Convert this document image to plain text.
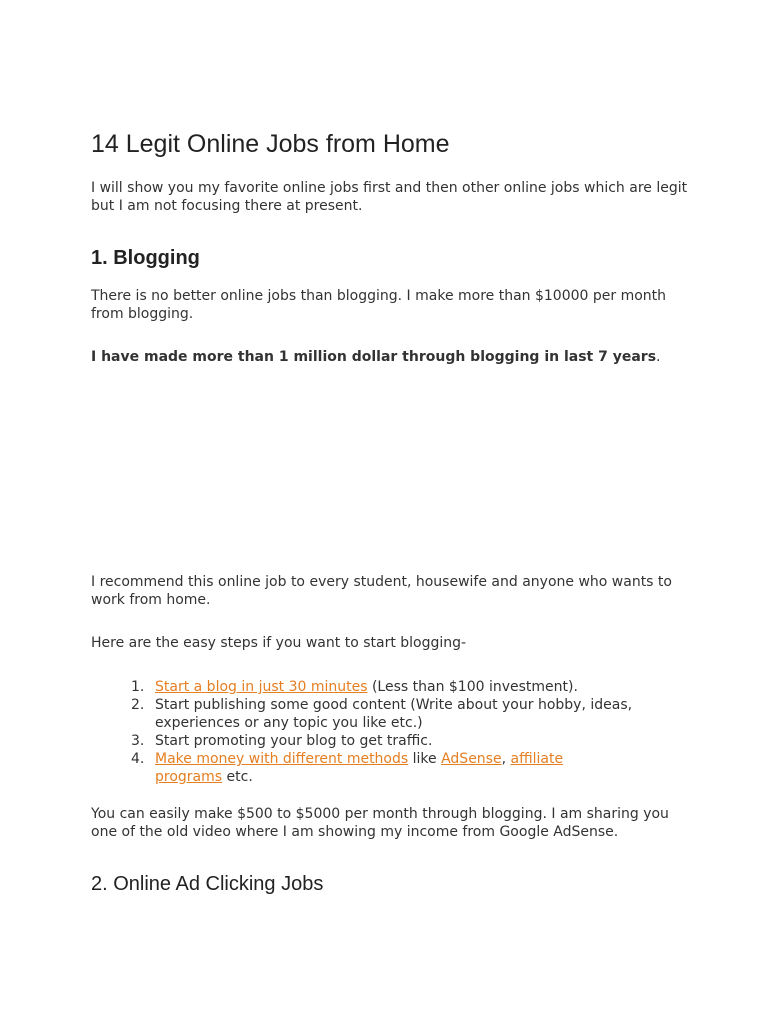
14 Legit Online Jobs from Home

I will show you my favorite online jobs first and then other online jobs which are legit but I am not focusing there at present.

1. Blogging

There is no better online jobs than blogging. I make more than $10000 per month from blogging.

I have made more than 1 million dollar through blogging in last 7 years.

I recommend this online job to every student, housewife and anyone who wants to work from home.

Here are the easy steps if you want to start blogging-

1. Start a blog in just 30 minutes (Less than $100 investment).
2. Start publishing some good content (Write about your hobby, ideas, experiences or any topic you like etc.)
3. Start promoting your blog to get traffic.
4. Make money with different methods like AdSense, affiliate
programs etc.

You can easily make $500 to $5000 per month through blogging. I am sharing you one of the old video where I am showing my income from Google AdSense.

2. Online Ad Clicking Jobs
